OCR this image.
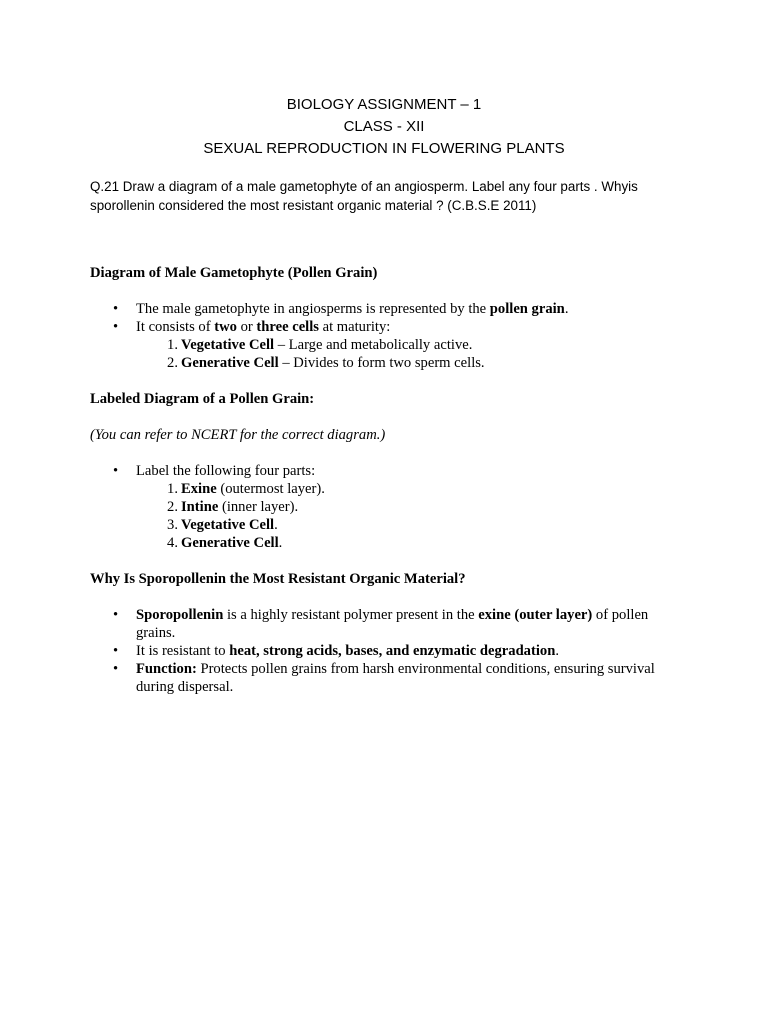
BIOLOGY ASSIGNMENT – 1
CLASS - XII
SEXUAL REPRODUCTION IN FLOWERING PLANTS
Q.21 Draw a diagram of a male gametophyte of an angiosperm. Label any four parts . Whyis sporollenin considered the most resistant organic material ? (C.B.S.E 2011)
Diagram of Male Gametophyte (Pollen Grain)
• The male gametophyte in angiosperms is represented by the pollen grain.
• It consists of two or three cells at maturity:
1. Vegetative Cell – Large and metabolically active.
2. Generative Cell – Divides to form two sperm cells.
Labeled Diagram of a Pollen Grain:
(You can refer to NCERT for the correct diagram.)
• Label the following four parts:
1. Exine (outermost layer).
2. Intine (inner layer).
3. Vegetative Cell.
4. Generative Cell.
Why Is Sporopollenin the Most Resistant Organic Material?
• Sporopollenin is a highly resistant polymer present in the exine (outer layer) of pollen grains.
• It is resistant to heat, strong acids, bases, and enzymatic degradation.
• Function: Protects pollen grains from harsh environmental conditions, ensuring survival during dispersal.
